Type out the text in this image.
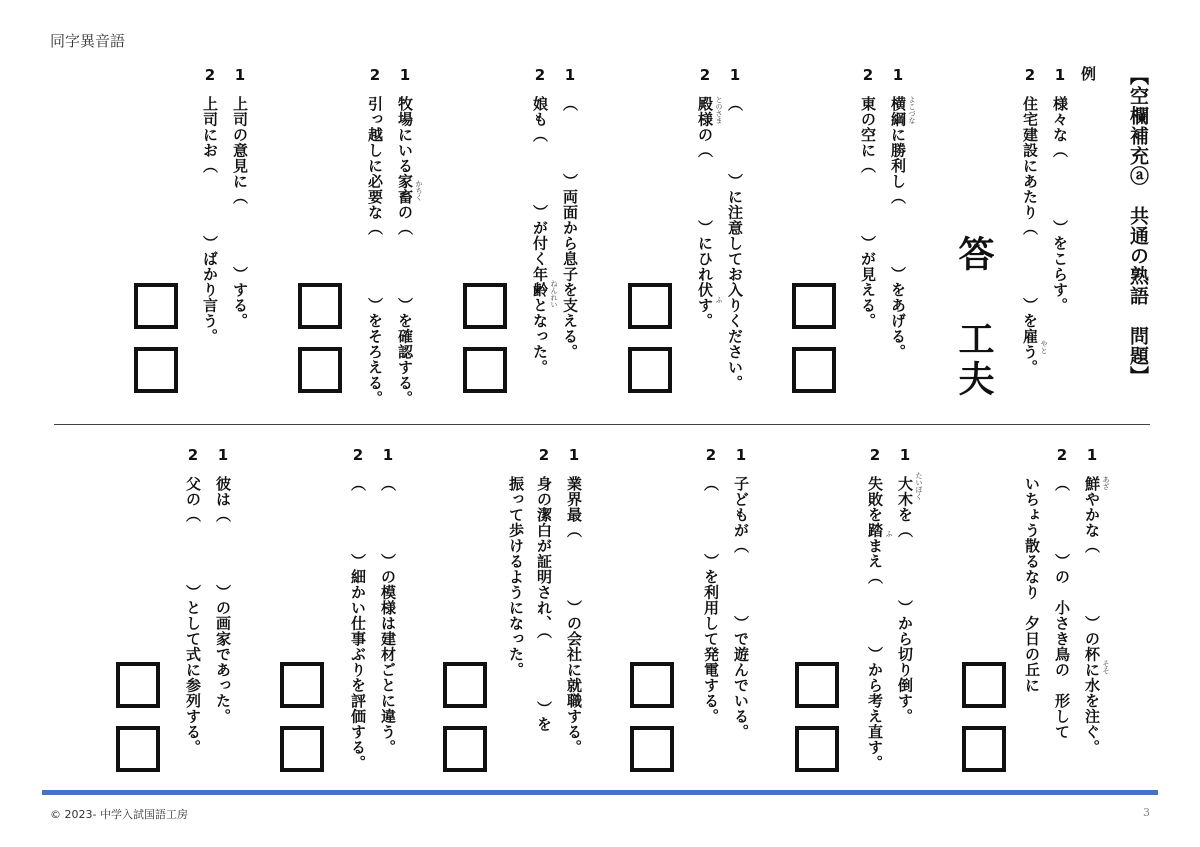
同字異音語
【空欄補充ⓐ　共通の熟語　問題】
例
1
様々な（　　　　）をこらす。
2
住宅建設にあたり（　　　　）を雇う。 やと
答
工夫
1
横綱に勝利し（　　　　）をあげる。
2
東の空に（　　　　）が見える。	よこづな
1
（　　　　）に注意してお入りください。
2
殿様の（　　　　）にひれ伏す。 とのさま
ふ
1
（　　　　）両面から息子を支える。
2
娘も（　　　　）が付く年齢となった。 ねんれい
1
牧場にいる家畜の（　　　　）を確認する。
2
引っ越しに必要な（　　　　）をそろえる。	かちく
1
上司の意見に（　　　　）する。
2
上司にお（　　　　）ばかり言う。
1
鮮やかな（　　　　）の杯に水を注ぐ。
2
（　　　　）の　小さき鳥の　形して
いちょう散るなり　夕日の丘に	あざ
そそ
1
大木を（　　　　）から切り倒す。
2
失敗を踏まえ（　　　　）から考え直す。	たいぼく
ふ
1
子どもが（　　　　）で遊んでいる。
2
（　　　　）を利用して発電する。
1
業界最（　　　　）の会社に就職する。
2
身の潔白が証明され、（　　　　）を
振って歩けるようになった。
1
（　　　　）の模様は建材ごとに違う。
2
（　　　　）細かい仕事ぶりを評価する。
1
彼は（　　　　）の画家であった。
2
父の（　　　　）として式に参列する。
© 2023- 中学入試国語工房	3
